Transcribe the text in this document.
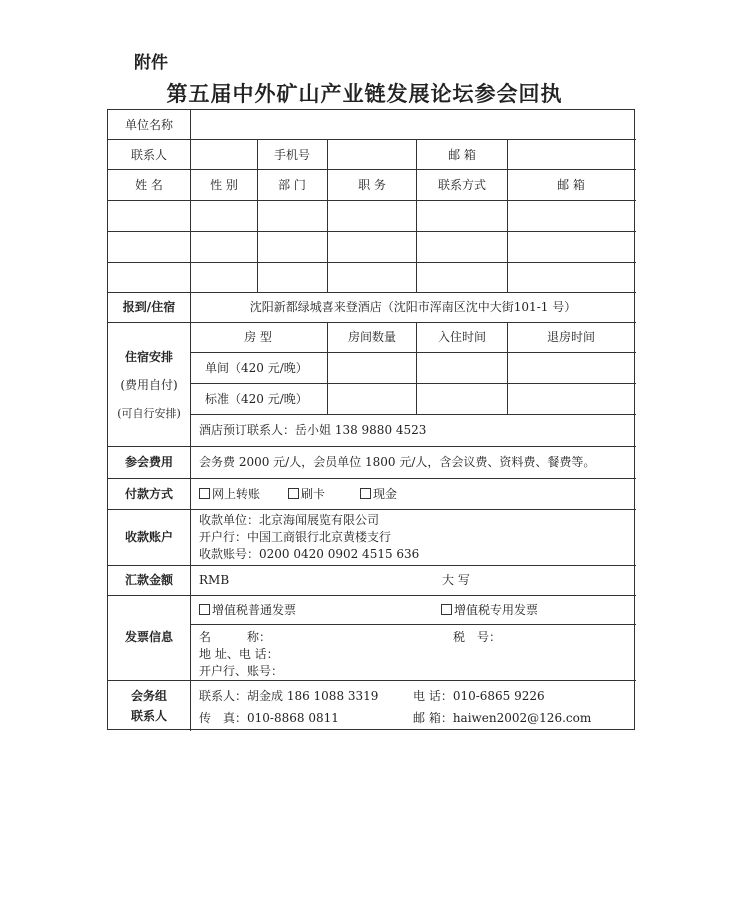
附件
第五届中外矿山产业链发展论坛参会回执
单位名称
联系人	手机号	邮 箱
姓 名	性 别	部 门	职 务	联系方式	邮 箱
报到/住宿	沈阳新都绿城喜来登酒店（沈阳市浑南区沈中大街101-1 号）
住宿安排
(费用自付)
(可自行安排)
房 型	房间数量	入住时间	退房时间
单间（420 元/晚）
标准（420 元/晚）
酒店预订联系人：岳小姐 138 9880 4523
参会费用 会务费 2000 元/人，会员单位 1800 元/人，含会议费、资料费、餐费等。
付款方式	网上转账	刷卡	现金
收款账户
收款单位：北京海闻展览有限公司
开户行：中国工商银行北京黄楼支行
收款账号：0200 0420 0902 4515 636
汇款金额 RMB	大 写
发票信息
增值税普通发票	增值税专用发票
名　　　称：	税　号：
地 址、电 话：
开户行、账号：
会务组
联系人
联系人：胡金成 186 1088 3319	电 话：010-6865 9226
传　真：010-8868 0811	邮 箱：haiwen2002@126.com
